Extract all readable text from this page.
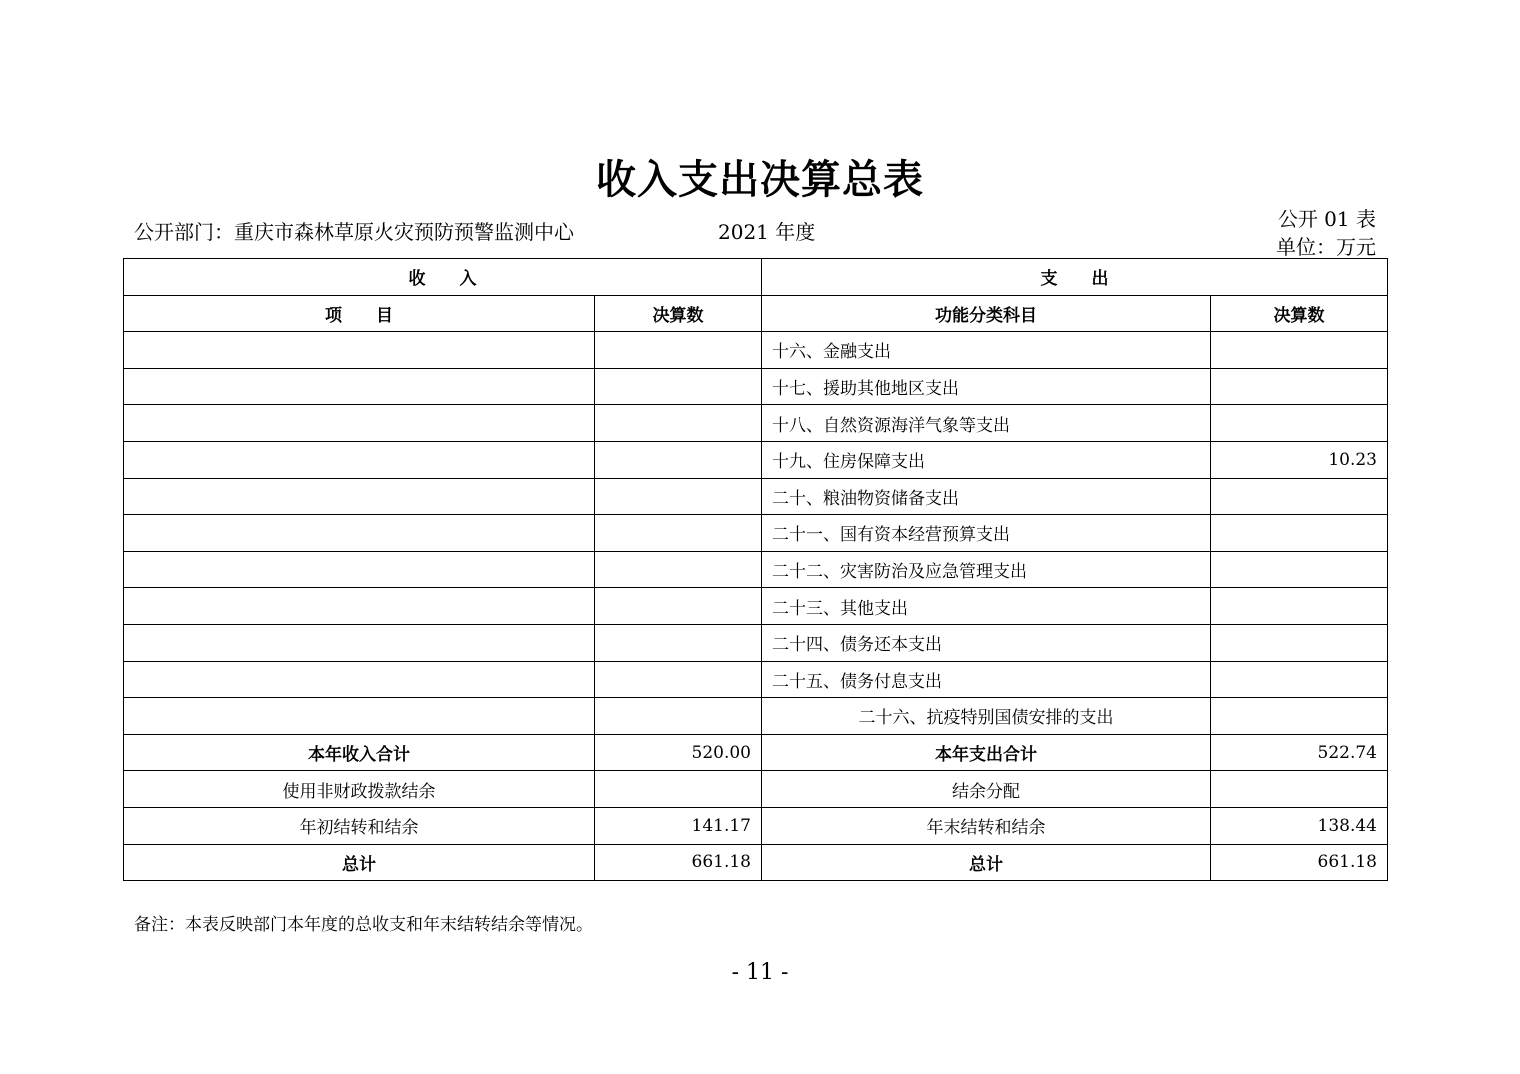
收入支出决算总表
公开部门：重庆市森林草原火灾预防预警监测中心	2021 年度
公开 01 表
单位：万元
收　　入		支　　出	
项　　目	决算数	功能分类科目	决算数
		十六、金融支出	
		十七、援助其他地区支出	
		十八、自然资源海洋气象等支出	
		十九、住房保障支出	10.23
		二十、粮油物资储备支出	
		二十一、国有资本经营预算支出	
		二十二、灾害防治及应急管理支出	
		二十三、其他支出	
		二十四、债务还本支出	
		二十五、债务付息支出	
		二十六、抗疫特别国债安排的支出	
本年收入合计	520.00	本年支出合计	522.74
使用非财政拨款结余		结余分配	
年初结转和结余	141.17	年末结转和结余	138.44
总计	661.18	总计	661.18
备注：本表反映部门本年度的总收支和年末结转结余等情况。
- 11 -
